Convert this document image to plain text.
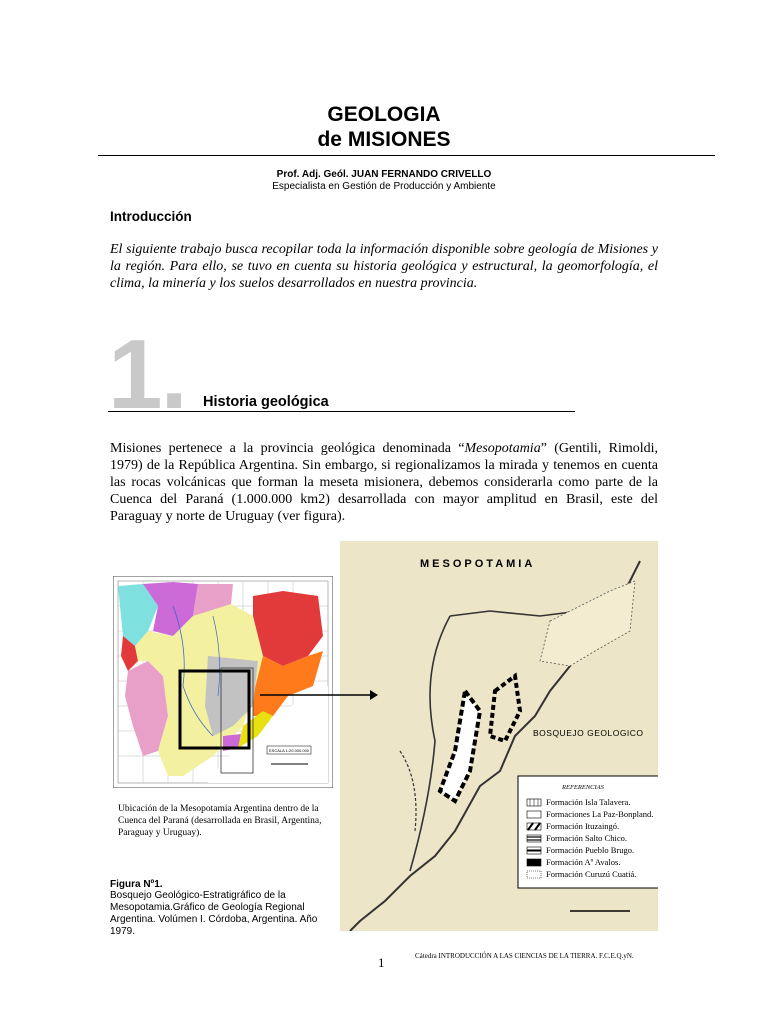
GEOLOGIA
de MISIONES
Prof. Adj. Geól. JUAN FERNANDO CRIVELLO
Especialista en Gestión de Producción y Ambiente
Introducción
El siguiente trabajo busca recopilar toda la información disponible sobre geología de Misiones y la región. Para ello, se tuvo en cuenta su historia geológica y estructural, la geomorfología, el clima, la minería y los suelos desarrollados en nuestra provincia.
1. Historia geológica
Misiones pertenece a la provincia geológica denominada “Mesopotamia” (Gentili, Rimoldi, 1979) de la República Argentina. Sin embargo, si regionalizamos la mirada y tenemos en cuenta las rocas volcánicas que forman la meseta misionera, debemos considerarla como parte de la Cuenca del Paraná (1.000.000 km2) desarrollada con mayor amplitud en Brasil, este del Paraguay y norte de Uruguay (ver figura).
ESCALA 1:20.000.000
MESOPOTAMIA
BOSQUEJO GEOLOGICO
REFERENCIAS
Formación Isla Talavera.
Formaciones La Paz-Bonpland.
Formación Ituzaingó.
Formación Salto Chico.
Formación Pueblo Brugo.
Formación Aº Avalos.
Formación Curuzú Cuatiá.
Ubicación de la Mesopotamia Argentina dentro de la Cuenca del Paraná (desarrollada en Brasil, Argentina, Paraguay y Uruguay).
Figura Nº1.
Bosquejo Geológico-Estratigráfico de la Mesopotamia.Gráfico de Geología Regional Argentina. Volúmen I. Córdoba, Argentina. Año 1979.
1	Cátedra INTRODUCCIÓN A LAS CIENCIAS DE LA TIERRA. F.C.E.Q.yN.
